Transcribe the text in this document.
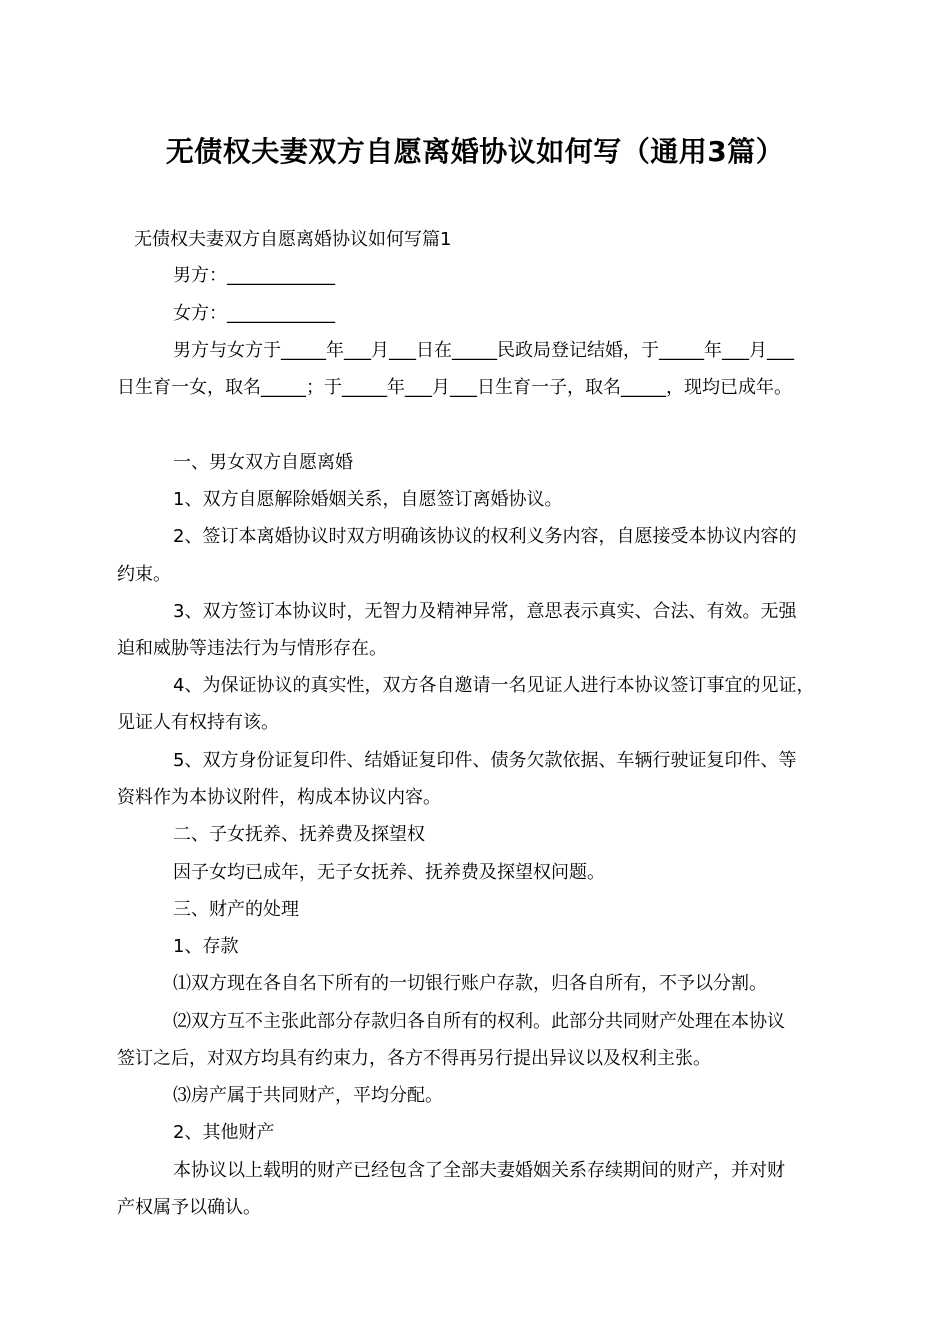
无债权夫妻双方自愿离婚协议如何写（通用3篇）
无债权夫妻双方自愿离婚协议如何写篇1
男方：____________
女方：____________
男方与女方于_____年___月___日在_____民政局登记结婚，于_____年___月___
日生育一女，取名_____；于_____年___月___日生育一子，取名_____，现均已成年。
一、男女双方自愿离婚
1、双方自愿解除婚姻关系，自愿签订离婚协议。
2、签订本离婚协议时双方明确该协议的权利义务内容，自愿接受本协议内容的
约束。
3、双方签订本协议时，无智力及精神异常，意思表示真实、合法、有效。无强
迫和威胁等违法行为与情形存在。
4、为保证协议的真实性，双方各自邀请一名见证人进行本协议签订事宜的见证，
见证人有权持有该。
5、双方身份证复印件、结婚证复印件、债务欠款依据、车辆行驶证复印件、等
资料作为本协议附件，构成本协议内容。
二、子女抚养、抚养费及探望权
因子女均已成年，无子女抚养、抚养费及探望权问题。
三、财产的处理
1、存款
⑴双方现在各自名下所有的一切银行账户存款，归各自所有，不予以分割。
⑵双方互不主张此部分存款归各自所有的权利。此部分共同财产处理在本协议
签订之后，对双方均具有约束力，各方不得再另行提出异议以及权利主张。
⑶房产属于共同财产，平均分配。
2、其他财产
本协议以上载明的财产已经包含了全部夫妻婚姻关系存续期间的财产，并对财
产权属予以确认。
